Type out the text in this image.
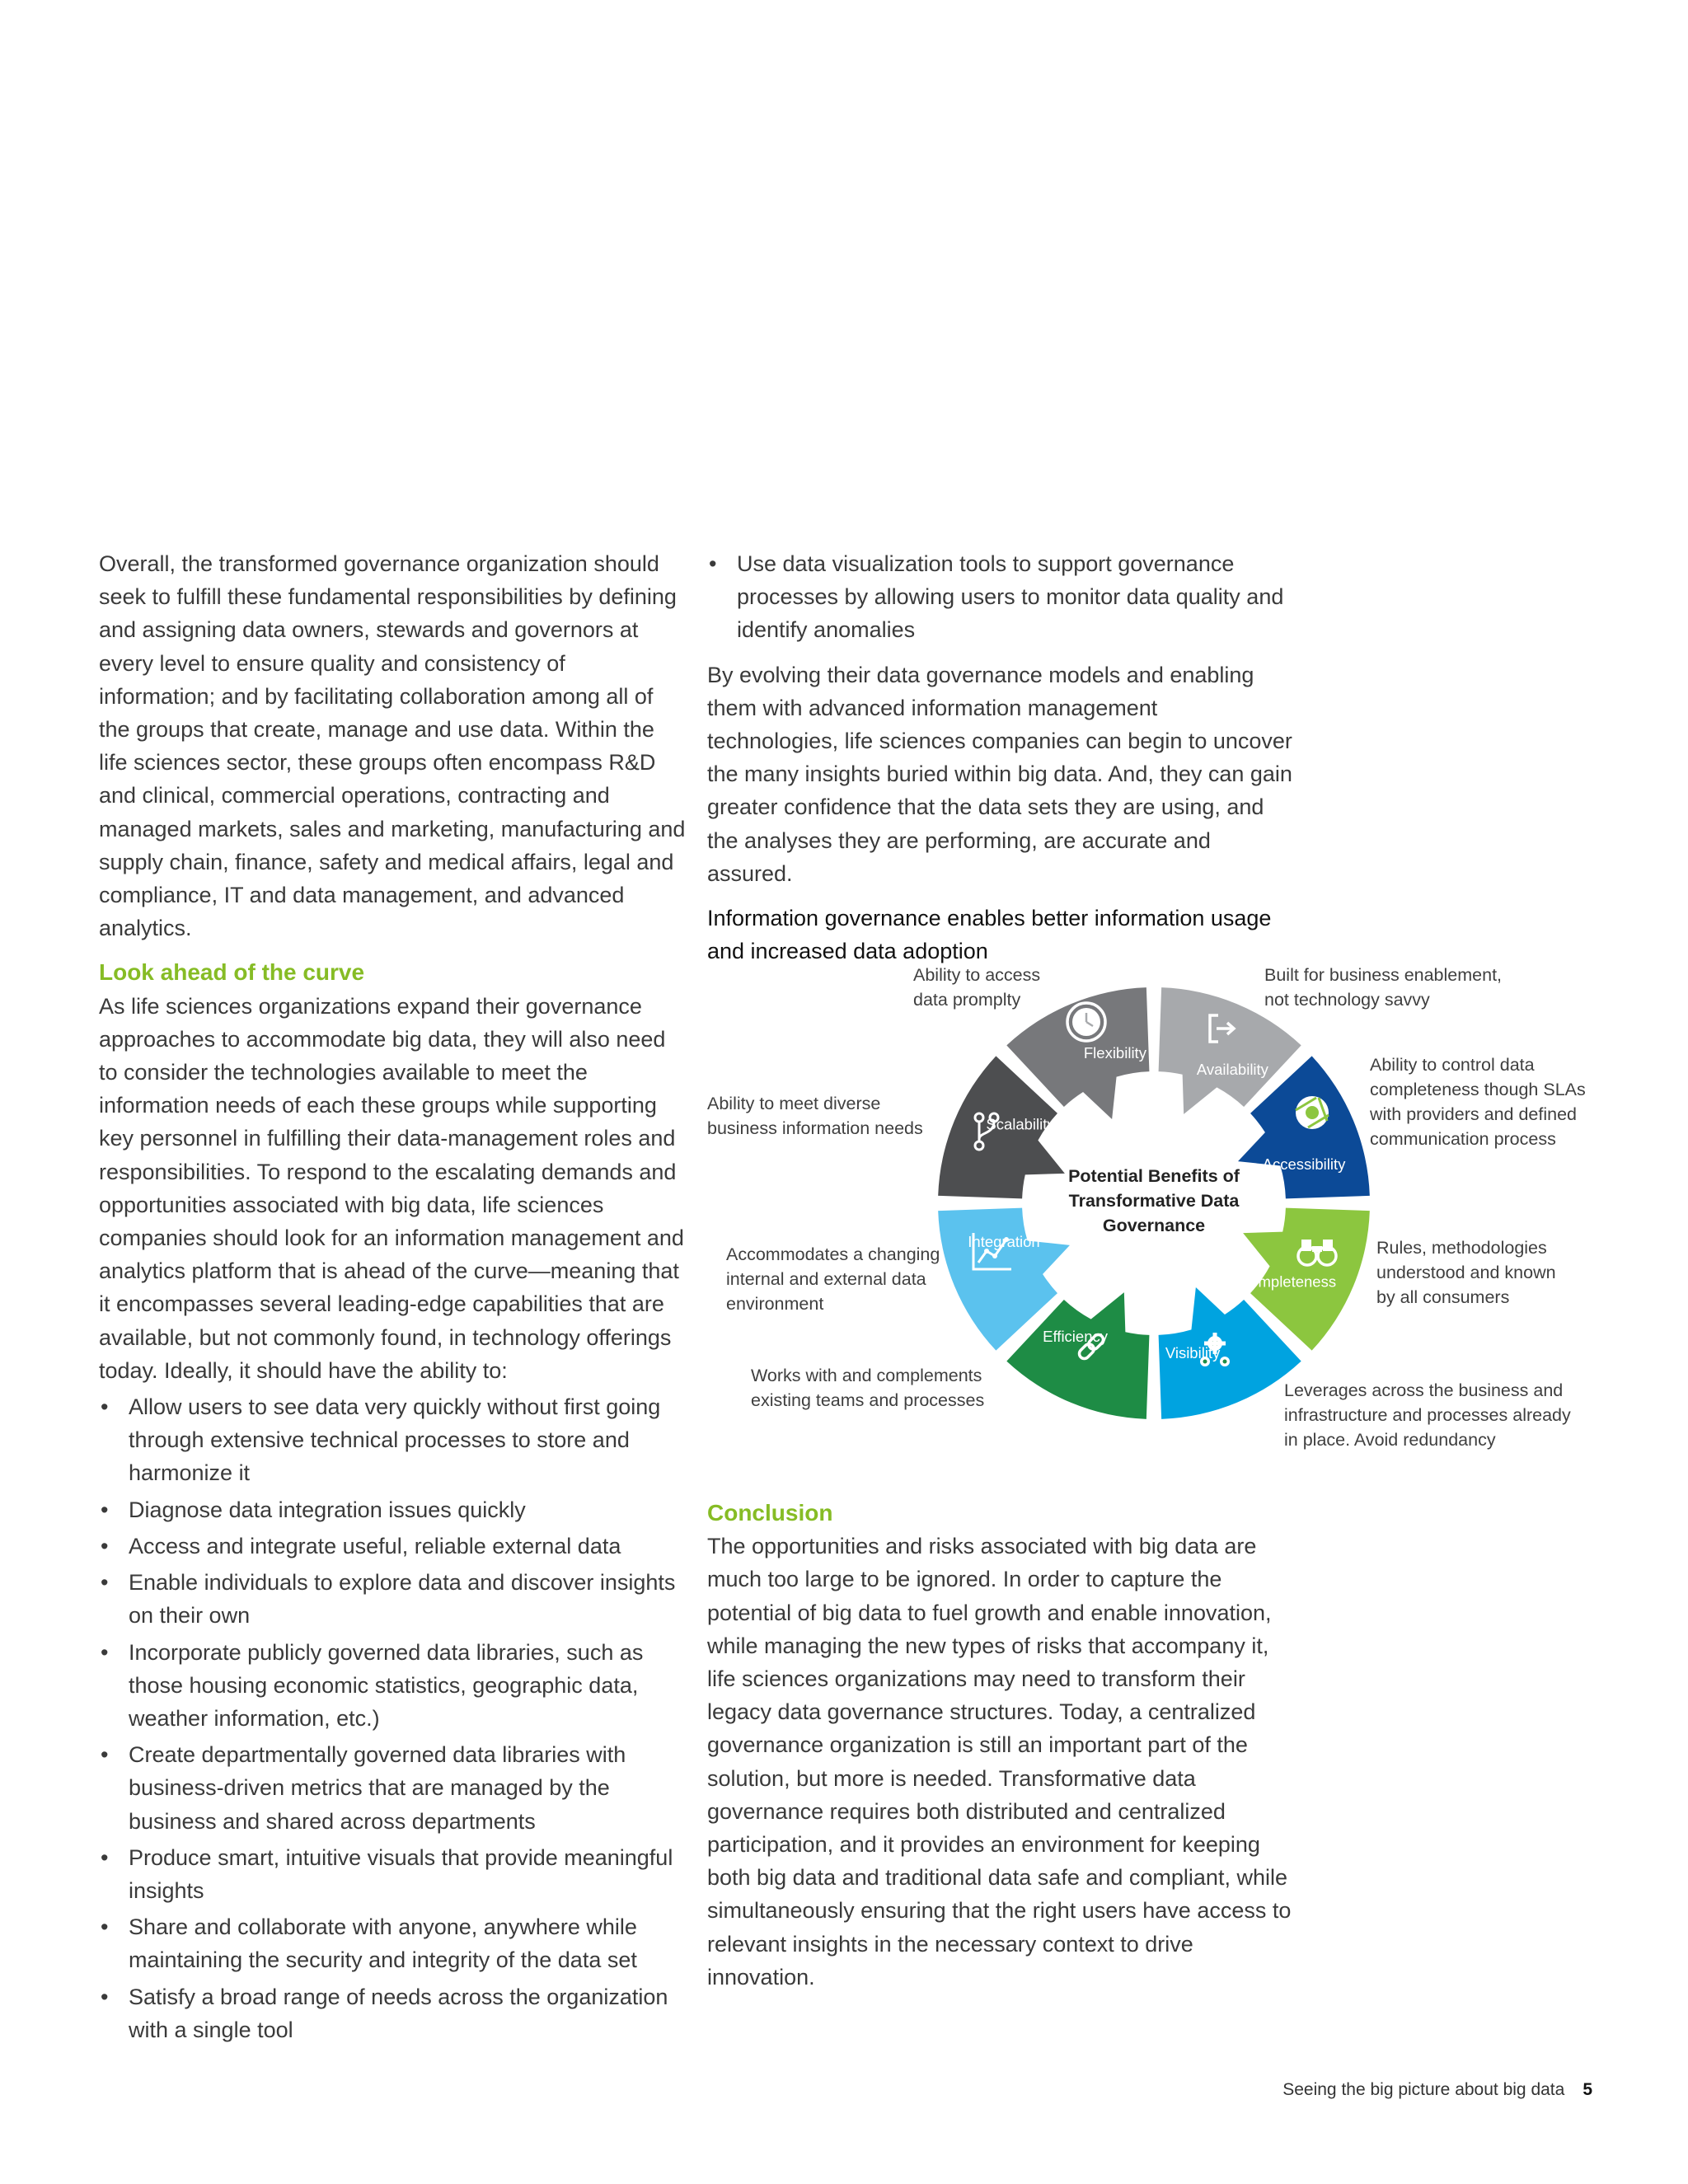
Overall, the transformed governance organization should seek to fulfill these fundamental responsibilities by defining and assigning data owners, stewards and governors at every level to ensure quality and consistency of information; and by facilitating collaboration among all of the groups that create, manage and use data. Within the life sciences sector, these groups often encompass R&D and clinical, commercial operations, contracting and managed markets, sales and marketing, manufacturing and supply chain, finance, safety and medical affairs, legal and compliance, IT and data management, and advanced analytics.

Look ahead of the curve

As life sciences organizations expand their governance approaches to accommodate big data, they will also need to consider the technologies available to meet the information needs of each these groups while supporting key personnel in fulfilling their data-management roles and responsibilities. To respond to the escalating demands and opportunities associated with big data, life sciences companies should look for an information management and analytics platform that is ahead of the curve—meaning that it encompasses several leading-edge capabilities that are available, but not commonly found, in technology offerings today. Ideally, it should have the ability to:

• Allow users to see data very quickly without first going through extensive technical processes to store and harmonize it
• Diagnose data integration issues quickly
• Access and integrate useful, reliable external data
• Enable individuals to explore data and discover insights on their own
• Incorporate publicly governed data libraries, such as those housing economic statistics, geographic data, weather information, etc.)
• Create departmentally governed data libraries with business-driven metrics that are managed by the business and shared across departments
• Produce smart, intuitive visuals that provide meaningful insights
• Share and collaborate with anyone, anywhere while maintaining the security and integrity of the data set
• Satisfy a broad range of needs across the organization with a single tool
• Use data visualization tools to support governance processes by allowing users to monitor data quality and identify anomalies

By evolving their data governance models and enabling them with advanced information management technologies, life sciences companies can begin to uncover the many insights buried within big data. And, they can gain greater confidence that the data sets they are using, and the analyses they are performing, are accurate and assured.

Information governance enables better information usage and increased data adoption

Conclusion

The opportunities and risks associated with big data are much too large to be ignored. In order to capture the potential of big data to fuel growth and enable innovation, while managing the new types of risks that accompany it, life sciences organizations may need to transform their legacy data governance structures. Today, a centralized governance organization is still an important part of the solution, but more is needed. Transformative data governance requires both distributed and centralized participation, and it provides an environment for keeping both big data and traditional data safe and compliant, while simultaneously ensuring that the right users have access to relevant insights in the necessary context to drive innovation.

Availability
Accessibility
Completeness
Visibility
Efficiency
Integration
Scalability
Flexibility
Potential Benefits of Transformative Data Governance
Ability to access data promplty
Built for business enablement, not technology savvy
Ability to control data completeness though SLAs with providers and defined communication process
Rules, methodologies understood and known by all consumers
Leverages across the business and infrastructure and processes already in place. Avoid redundancy
Works with and complements existing teams and processes
Accommodates a changing internal and external data environment
Ability to meet diverse business information needs
Seeing the big picture about big data 5
